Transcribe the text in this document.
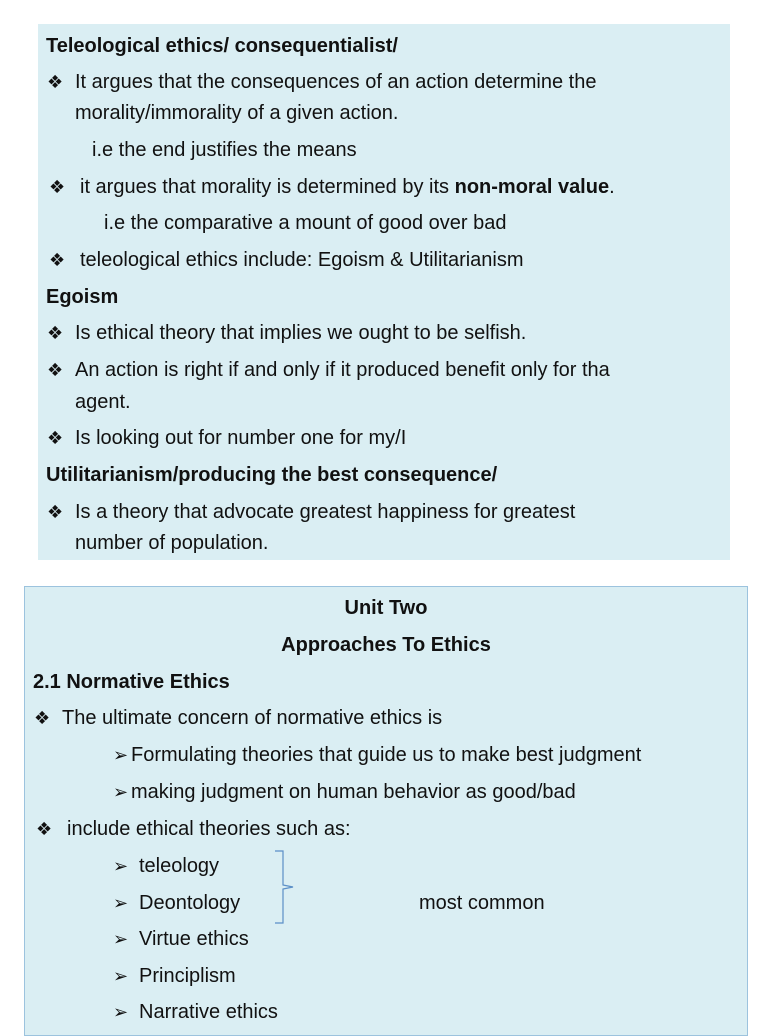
Teleological ethics/ consequentialist/
❖ It argues that the consequences of an action determine the
morality/immorality of a given action.
i.e the end justifies the means
❖ it argues that morality is determined by its non-moral value.
i.e the comparative a mount of good over bad
❖ teleological ethics include: Egoism & Utilitarianism
Egoism
❖ Is ethical theory that implies we ought to be selfish.
❖ An action is right if and only if it produced benefit only for tha
agent.
❖ Is looking out for number one for my/I
Utilitarianism/producing the best consequence/
❖ Is a theory that advocate greatest happiness for greatest
number of population.
Unit Two
Approaches To Ethics
2.1 Normative Ethics
❖ The ultimate concern of normative ethics is
➢ Formulating theories that guide us to make best judgment
➢ making judgment on human behavior as good/bad
❖ include ethical theories such as:
➢ teleology
➢ Deontology	most common
➢ Virtue ethics
➢ Principlism
➢ Narrative ethics
